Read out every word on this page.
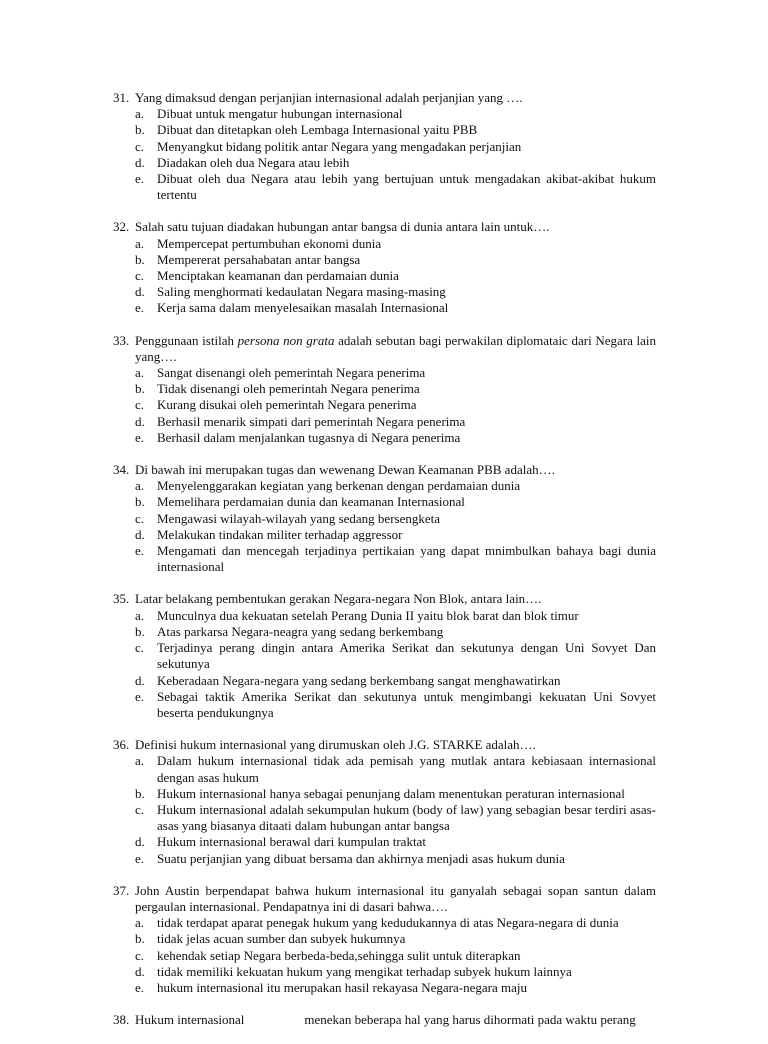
31. Yang dimaksud dengan perjanjian internasional adalah perjanjian yang ….
a. Dibuat untuk mengatur hubungan internasional
b. Dibuat dan ditetapkan oleh Lembaga Internasional yaitu PBB
c. Menyangkut bidang politik antar Negara yang mengadakan perjanjian
d. Diadakan oleh dua Negara atau lebih
e. Dibuat oleh dua Negara atau lebih yang bertujuan untuk mengadakan akibat-akibat hukum tertentu
32. Salah satu tujuan diadakan hubungan antar bangsa di dunia antara lain untuk….
a. Mempercepat pertumbuhan ekonomi dunia
b. Mempererat persahabatan antar bangsa
c. Menciptakan keamanan dan perdamaian dunia
d. Saling menghormati kedaulatan Negara masing-masing
e. Kerja sama dalam menyelesaikan masalah Internasional
33. Penggunaan istilah persona non grata adalah sebutan bagi perwakilan diplomataic dari Negara lain yang….
a. Sangat disenangi oleh pemerintah Negara penerima
b. Tidak disenangi oleh pemerintah Negara penerima
c. Kurang disukai oleh pemerintah Negara penerima
d. Berhasil menarik simpati dari pemerintah Negara penerima
e. Berhasil dalam menjalankan tugasnya di Negara penerima
34. Di bawah ini merupakan tugas dan wewenang Dewan Keamanan PBB adalah….
a. Menyelenggarakan kegiatan yang berkenan dengan perdamaian dunia
b. Memelihara perdamaian dunia dan keamanan Internasional
c. Mengawasi wilayah-wilayah yang sedang bersengketa
d. Melakukan tindakan militer terhadap aggressor
e. Mengamati dan mencegah terjadinya pertikaian yang dapat mnimbulkan bahaya bagi dunia internasional
35. Latar belakang pembentukan gerakan Negara-negara Non Blok, antara lain….
a. Munculnya dua kekuatan setelah Perang Dunia II yaitu blok barat dan blok timur
b. Atas parkarsa Negara-neagra yang sedang berkembang
c. Terjadinya perang dingin antara Amerika Serikat dan sekutunya dengan Uni Sovyet Dan sekutunya
d. Keberadaan Negara-negara yang sedang berkembang sangat menghawatirkan
e. Sebagai taktik Amerika Serikat dan sekutunya untuk mengimbangi kekuatan Uni Sovyet beserta pendukungnya
36. Definisi hukum internasional yang dirumuskan oleh J.G. STARKE adalah….
a. Dalam hukum internasional tidak ada pemisah yang mutlak antara kebiasaan internasional dengan asas hukum
b. Hukum internasional hanya sebagai penunjang dalam menentukan peraturan internasional
c. Hukum internasional adalah sekumpulan hukum (body of law) yang sebagian besar terdiri asas-asas yang biasanya ditaati dalam hubungan antar bangsa
d. Hukum internasional berawal dari kumpulan traktat
e. Suatu perjanjian yang dibuat bersama dan akhirnya menjadi asas hukum dunia
37. John Austin berpendapat bahwa hukum internasional itu ganyalah sebagai sopan santun dalam pergaulan internasional. Pendapatnya ini di dasari bahwa….
a. tidak terdapat aparat penegak hukum yang kedudukannya di atas Negara-negara di dunia
b. tidak jelas acuan sumber dan subyek hukumnya
c. kehendak setiap Negara berbeda-beda,sehingga sulit untuk diterapkan
d. tidak memiliki kekuatan hukum yang mengikat terhadap subyek hukum lainnya
e. hukum internasional itu merupakan hasil rekayasa Negara-negara maju
38. Hukum internasional	menekan beberapa hal yang harus dihormati pada waktu perang
